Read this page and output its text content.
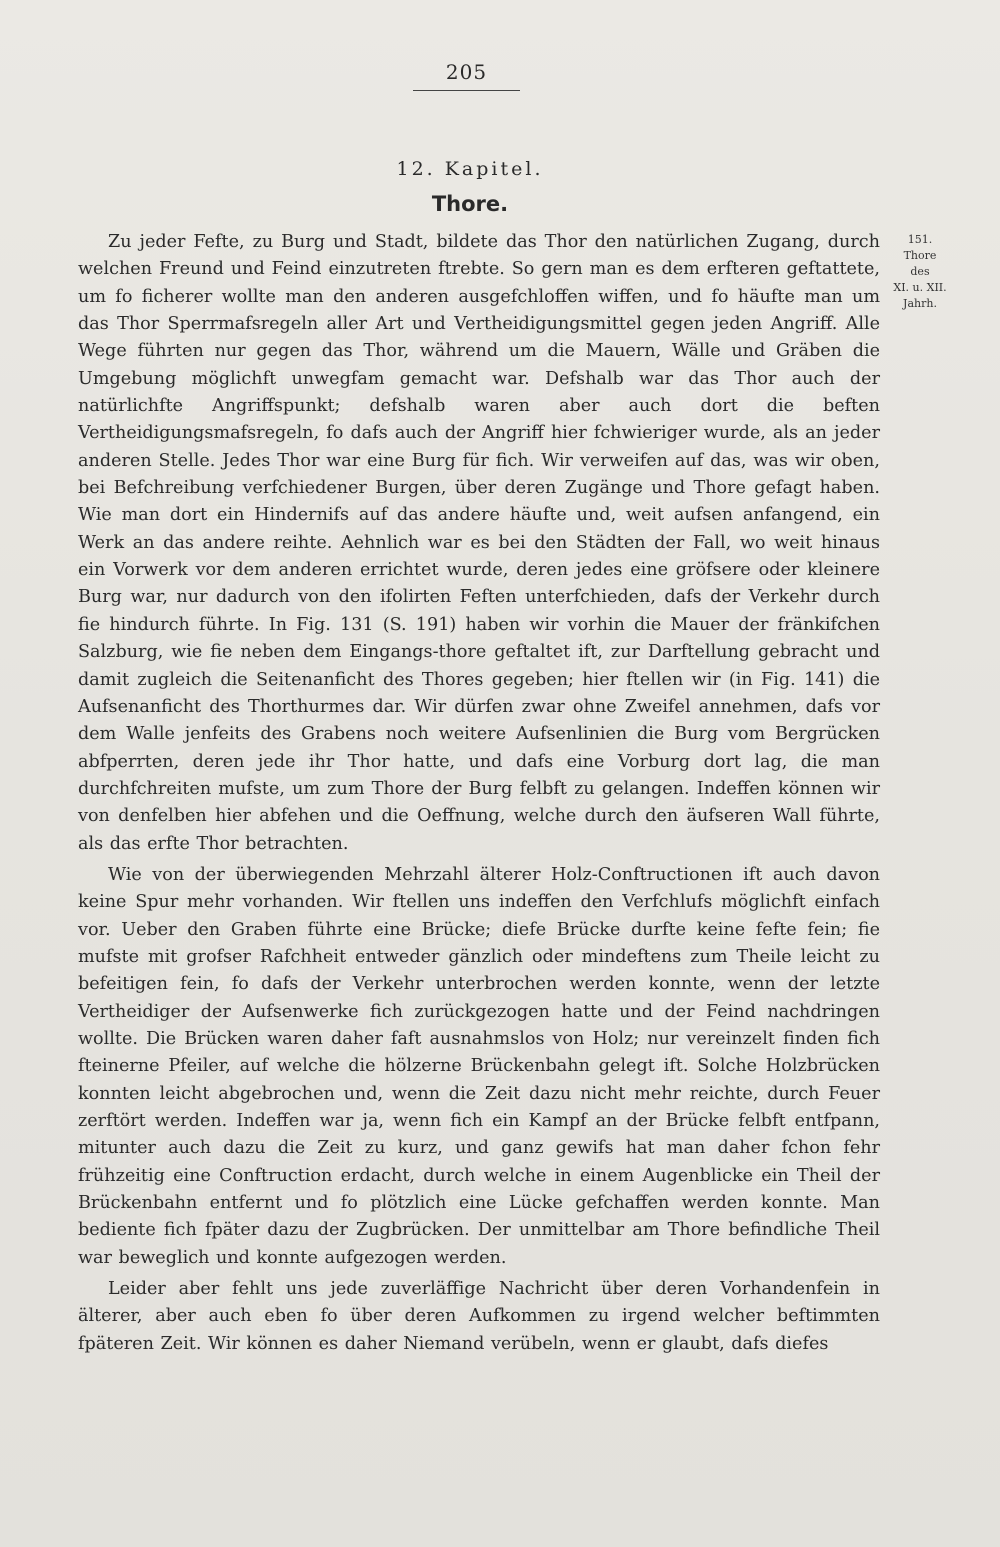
205
12. Kapitel.
Thore.
151.
Thore
des
XI. u. XII.
Jahrh.

Zu jeder Fefte, zu Burg und Stadt, bildete das Thor den natürlichen Zugang, durch welchen Freund und Feind einzutreten ftrebte. So gern man es dem erfteren geftattete, um fo ficherer wollte man den anderen ausgefchloffen wiffen, und fo häufte man um das Thor Sperrmafsregeln aller Art und Vertheidigungsmittel gegen jeden Angriff. Alle Wege führten nur gegen das Thor, während um die Mauern, Wälle und Gräben die Umgebung möglichft unwegfam gemacht war. Defshalb war das Thor auch der natürlichfte Angriffspunkt; defshalb waren aber auch dort die beften Vertheidigungsmafsregeln, fo dafs auch der Angriff hier fchwieriger wurde, als an jeder anderen Stelle. Jedes Thor war eine Burg für fich. Wir verweifen auf das, was wir oben, bei Befchreibung verfchiedener Burgen, über deren Zugänge und Thore gefagt haben. Wie man dort ein Hindernifs auf das andere häufte und, weit aufsen anfangend, ein Werk an das andere reihte. Aehnlich war es bei den Städten der Fall, wo weit hinaus ein Vorwerk vor dem anderen errichtet wurde, deren jedes eine gröfsere oder kleinere Burg war, nur dadurch von den ifolirten Feften unterfchieden, dafs der Verkehr durch fie hindurch führte. In Fig. 131 (S. 191) haben wir vorhin die Mauer der fränkifchen Salzburg, wie fie neben dem Eingangs-thore geftaltet ift, zur Darftellung gebracht und damit zugleich die Seitenanficht des Thores gegeben; hier ftellen wir (in Fig. 141) die Aufsenanficht des Thorthurmes dar. Wir dürfen zwar ohne Zweifel annehmen, dafs vor dem Walle jenfeits des Grabens noch weitere Aufsenlinien die Burg vom Bergrücken abfperrten, deren jede ihr Thor hatte, und dafs eine Vorburg dort lag, die man durchfchreiten mufste, um zum Thore der Burg felbft zu gelangen. Indeffen können wir von denfelben hier abfehen und die Oeffnung, welche durch den äufseren Wall führte, als das erfte Thor betrachten.

Wie von der überwiegenden Mehrzahl älterer Holz-Conftructionen ift auch davon keine Spur mehr vorhanden. Wir ftellen uns indeffen den Verfchlufs möglichft einfach vor. Ueber den Graben führte eine Brücke; diefe Brücke durfte keine fefte fein; fie mufste mit grofser Rafchheit entweder gänzlich oder mindeftens zum Theile leicht zu befeitigen fein, fo dafs der Verkehr unterbrochen werden konnte, wenn der letzte Vertheidiger der Aufsenwerke fich zurückgezogen hatte und der Feind nachdringen wollte. Die Brücken waren daher faft ausnahmslos von Holz; nur vereinzelt finden fich fteinerne Pfeiler, auf welche die hölzerne Brückenbahn gelegt ift. Solche Holzbrücken konnten leicht abgebrochen und, wenn die Zeit dazu nicht mehr reichte, durch Feuer zerftört werden. Indeffen war ja, wenn fich ein Kampf an der Brücke felbft entfpann, mitunter auch dazu die Zeit zu kurz, und ganz gewifs hat man daher fchon fehr frühzeitig eine Conftruction erdacht, durch welche in einem Augenblicke ein Theil der Brückenbahn entfernt und fo plötzlich eine Lücke gefchaffen werden konnte. Man bediente fich fpäter dazu der Zugbrücken. Der unmittelbar am Thore befindliche Theil war beweglich und konnte aufgezogen werden.

Leider aber fehlt uns jede zuverläffige Nachricht über deren Vorhandenfein in älterer, aber auch eben fo über deren Aufkommen zu irgend welcher beftimmten fpäteren Zeit. Wir können es daher Niemand verübeln, wenn er glaubt, dafs diefes
